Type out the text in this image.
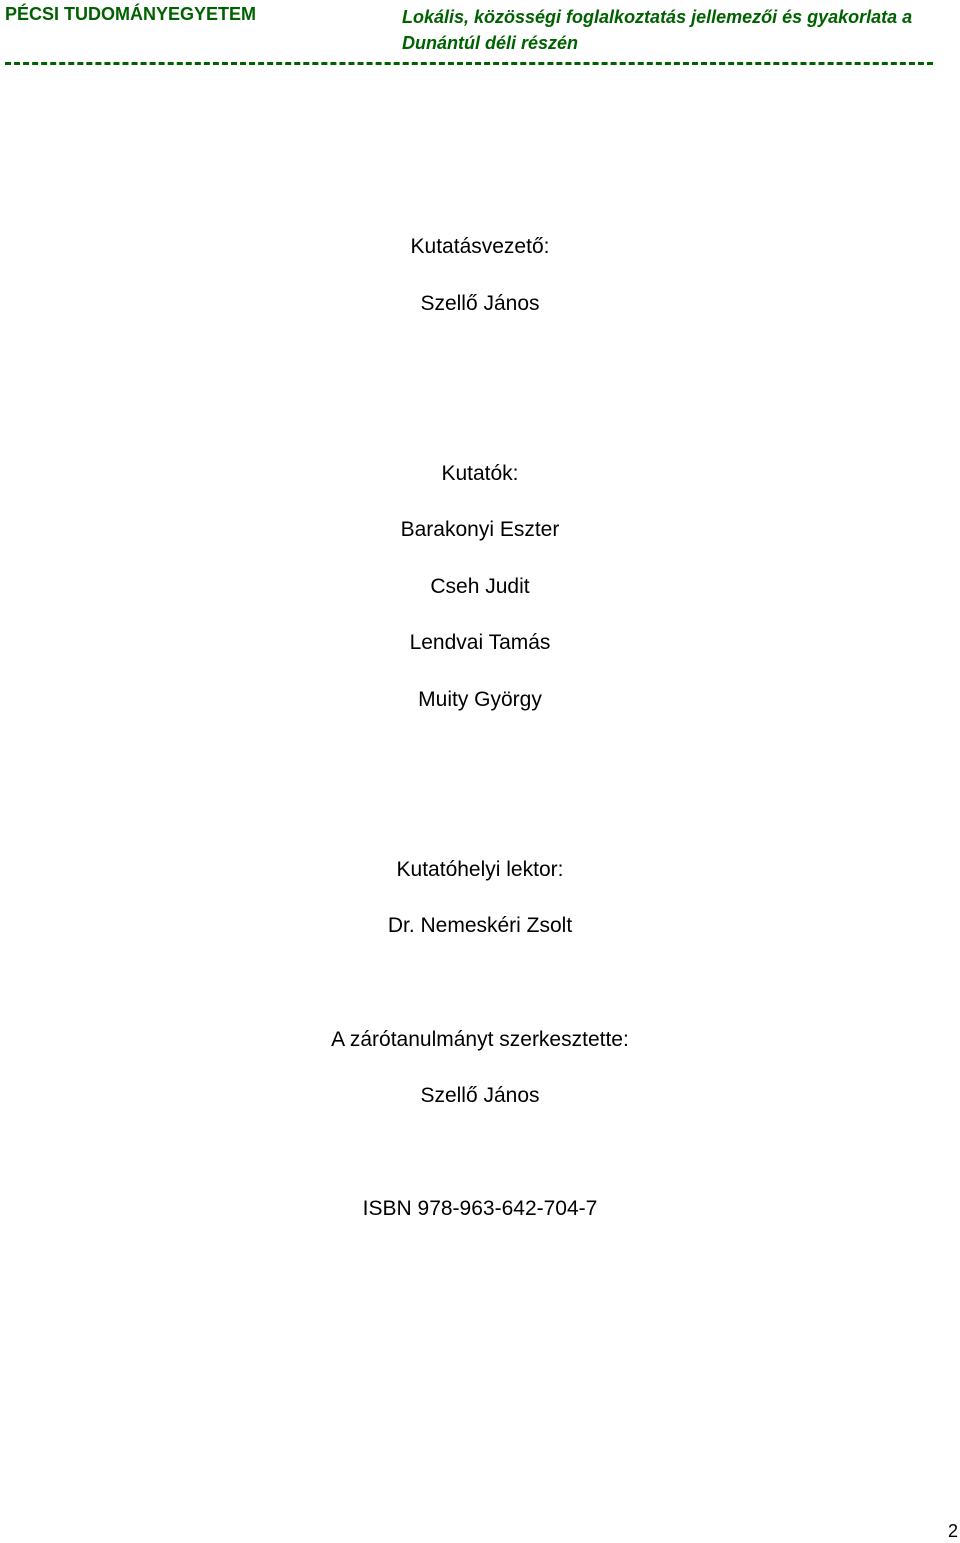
PÉCSI TUDOMÁNYEGYETEM	Lokális, közösségi foglalkoztatás jellemezői és gyakorlata a
Dunántúl déli részén
Kutatásvezető:
Szellő János
Kutatók:
Barakonyi Eszter
Cseh Judit
Lendvai Tamás
Muity György
Kutatóhelyi lektor:
Dr. Nemeskéri Zsolt
A zárótanulmányt szerkesztette:
Szellő János
ISBN 978-963-642-704-7
2
